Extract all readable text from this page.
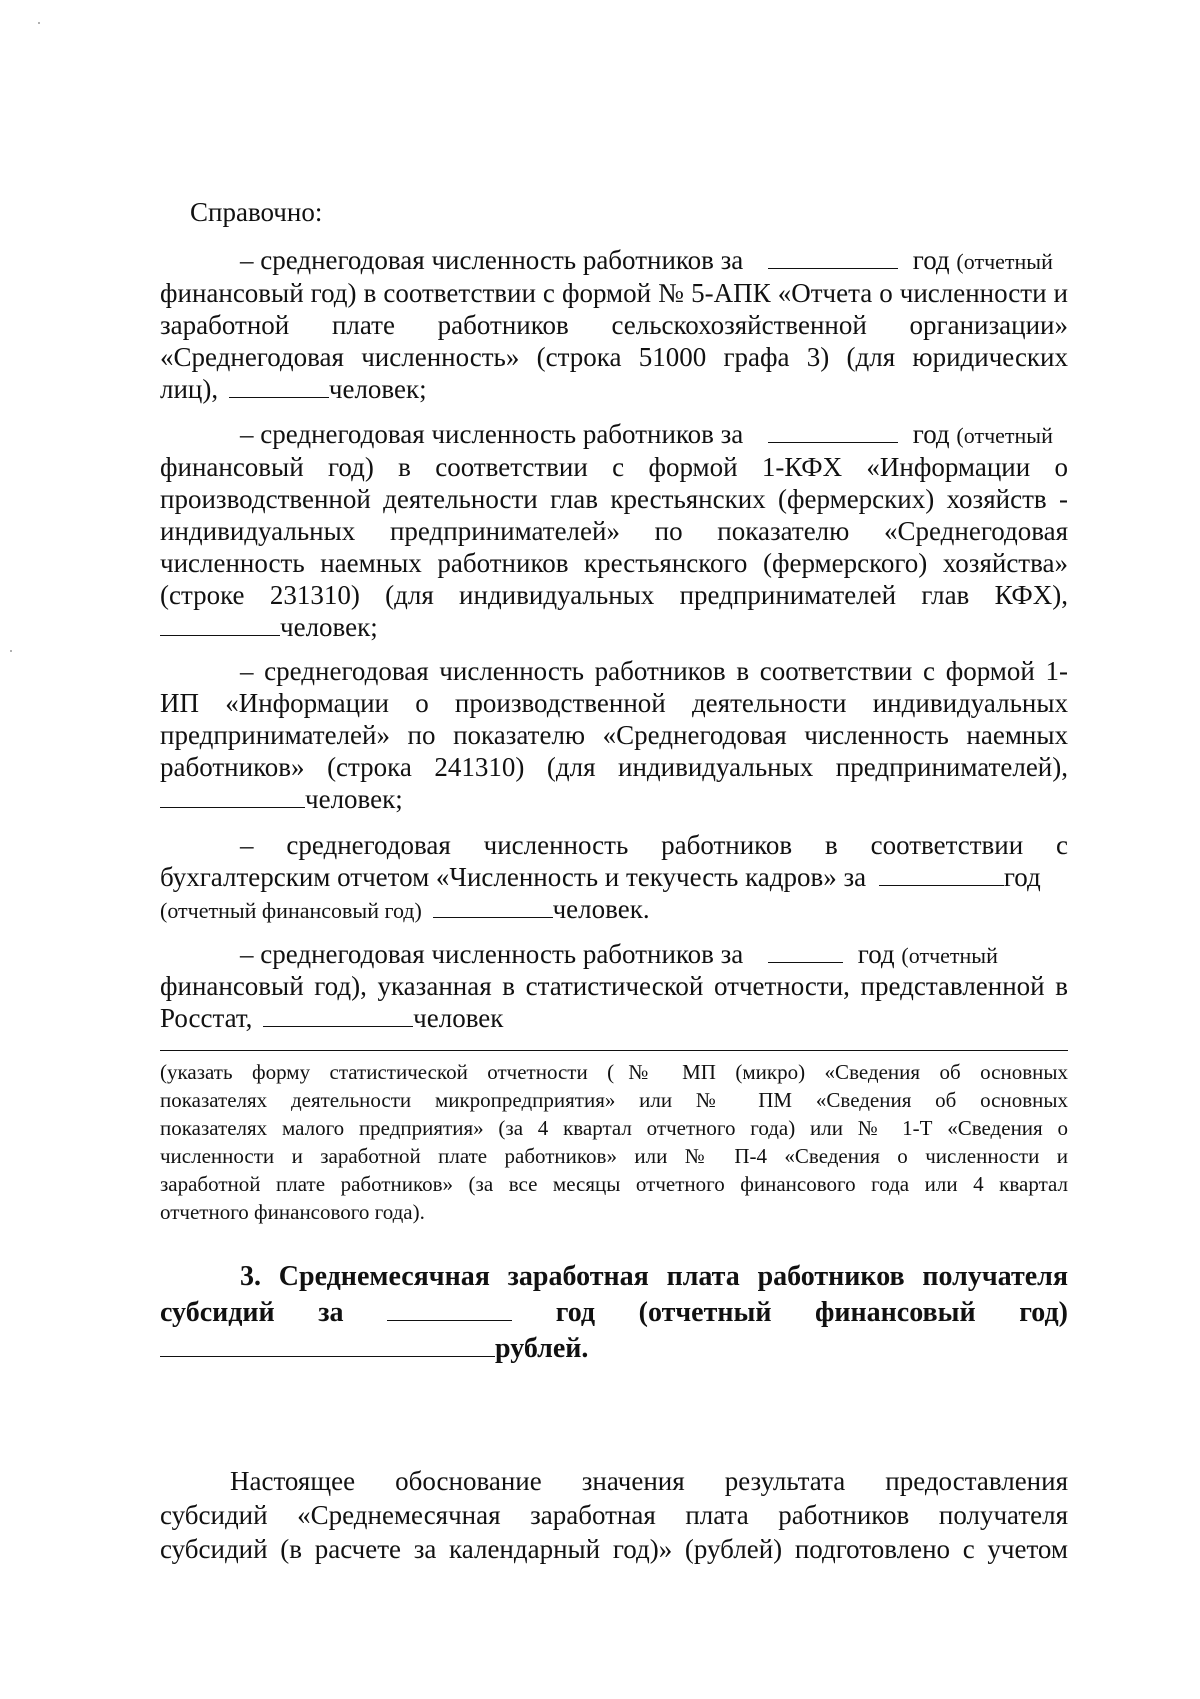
Справочно:
– среднегодовая численность работников за	год (отчетный
финансовый год) в соответствии с формой № 5-АПК «Отчета о численности и
заработной плате работников сельскохозяйственной организации»
«Среднегодовая численность» (строка 51000 графа 3) (для юридических
лиц),	человек;
– среднегодовая численность работников за	год (отчетный
финансовый год) в соответствии с формой 1-КФХ «Информации о
производственной деятельности глав крестьянских (фермерских) хозяйств -
индивидуальных предпринимателей» по показателю «Среднегодовая
численность наемных работников крестьянского (фермерского) хозяйства»
(строке 231310) (для индивидуальных предпринимателей глав КФХ),
человек;
– среднегодовая численность работников в соответствии с формой 1-
ИП «Информации о производственной деятельности индивидуальных
предпринимателей» по показателю «Среднегодовая численность наемных
работников» (строка 241310) (для индивидуальных предпринимателей),
человек;
– среднегодовая численность работников в соответствии с
бухгалтерским отчетом «Численность и текучесть кадров» за	год
(отчетный финансовый год)	человек.
– среднегодовая численность работников за	год (отчетный
финансовый год), указанная в статистической отчетности, представленной в
Росстат,	человек
(указать форму статистической отчетности (№ МП (микро) «Сведения об основных
показателях деятельности микропредприятия» или № ПМ «Сведения об основных
показателях малого предприятия» (за 4 квартал отчетного года) или № 1-Т «Сведения о
численности и заработной плате работников» или № П-4 «Сведения о численности и
заработной плате работников» (за все месяцы отчетного финансового года или 4 квартал
отчетного финансового года).
3. Среднемесячная заработная плата работников получателя
субсидий за	год (отчетный финансовый год)
рублей.
Настоящее обоснование значения результата предоставления
субсидий «Среднемесячная заработная плата работников получателя
субсидий (в расчете за календарный год)» (рублей) подготовлено с учетом
